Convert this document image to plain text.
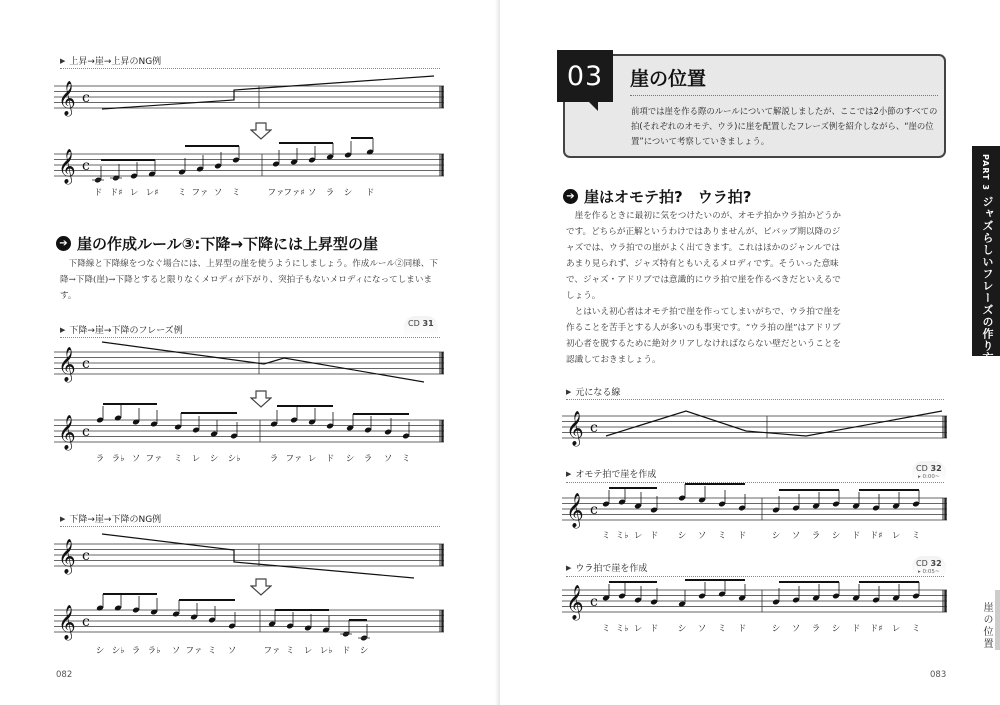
▶ 上昇→崖→上昇のNG例
𝄞 c
𝄞 c
ド ド♯ レ レ♯ ミ ファ ソ ミ	ファ
ファ♯ ソ ラ シ ド
➔ 崖の作成ルール③:下降→下降には上昇型の崖

下降線と下降線をつなぐ場合には、上昇型の崖を使うようにしましょう。作成ルール②同様、下降→下降(崖)→下降とすると限りなくメロディが下がり、突拍子もないメロディになってしまいます。

▶ 下降→崖→下降のフレーズ例
CD 31
𝄞 c
𝄞 c
ラ ラ♭ ソ ファ ミ レ シ シ♭	ラ ファ レ ド シ ラ ソ ミ
▶ 下降→崖→下降のNG例
𝄞 c
𝄞 c
シ シ♭ ラ ラ♭ ソ ファ ミ ソ	ファ ミ レ レ♭ ド シ
082
03	崖の位置
前項では崖を作る際のルールについて解説しましたが、ここでは2小節のすべての拍(それぞれのオモテ、ウラ)に崖を配置したフレーズ例を紹介しながら、“崖の位置”について考察していきましょう。
➔ 崖はオモテ拍?　ウラ拍?

崖を作るときに最初に気をつけたいのが、オモテ拍かウラ拍かどうかです。どちらが正解というわけではありませんが、ビバップ期以降のジャズでは、ウラ拍での崖がよく出てきます。これはほかのジャンルではあまり見られず、ジャズ特有ともいえるメロディです。そういった意味で、ジャズ・アドリブでは意識的にウラ拍で崖を作るべきだといえるでしょう。

とはいえ初心者はオモテ拍で崖を作ってしまいがちで、ウラ拍で崖を作ることを苦手とする人が多いのも事実です。“ウラ拍の崖”はアドリブ初心者を脱するために絶対クリアしなければならない壁だということを認識しておきましょう。

▶ 元になる線
𝄞 c
▶ オモテ拍で崖を作成
CD 32
▸ 0:00~
𝄞 c
ミ ミ♭ レ ド シ ソ ミ ド	シ ソ ラ シ ド ド♯ レ ミ
▶ ウラ拍で崖を作成
CD 32
▸ 0:05~
𝄞 c
ミ ミ♭ レ ド シ ソ ミ ド	シ ソ ラ シ ド ド♯ レ ミ
083
PART 3
ジャズらしいフレーズの作り方
崖の位置
